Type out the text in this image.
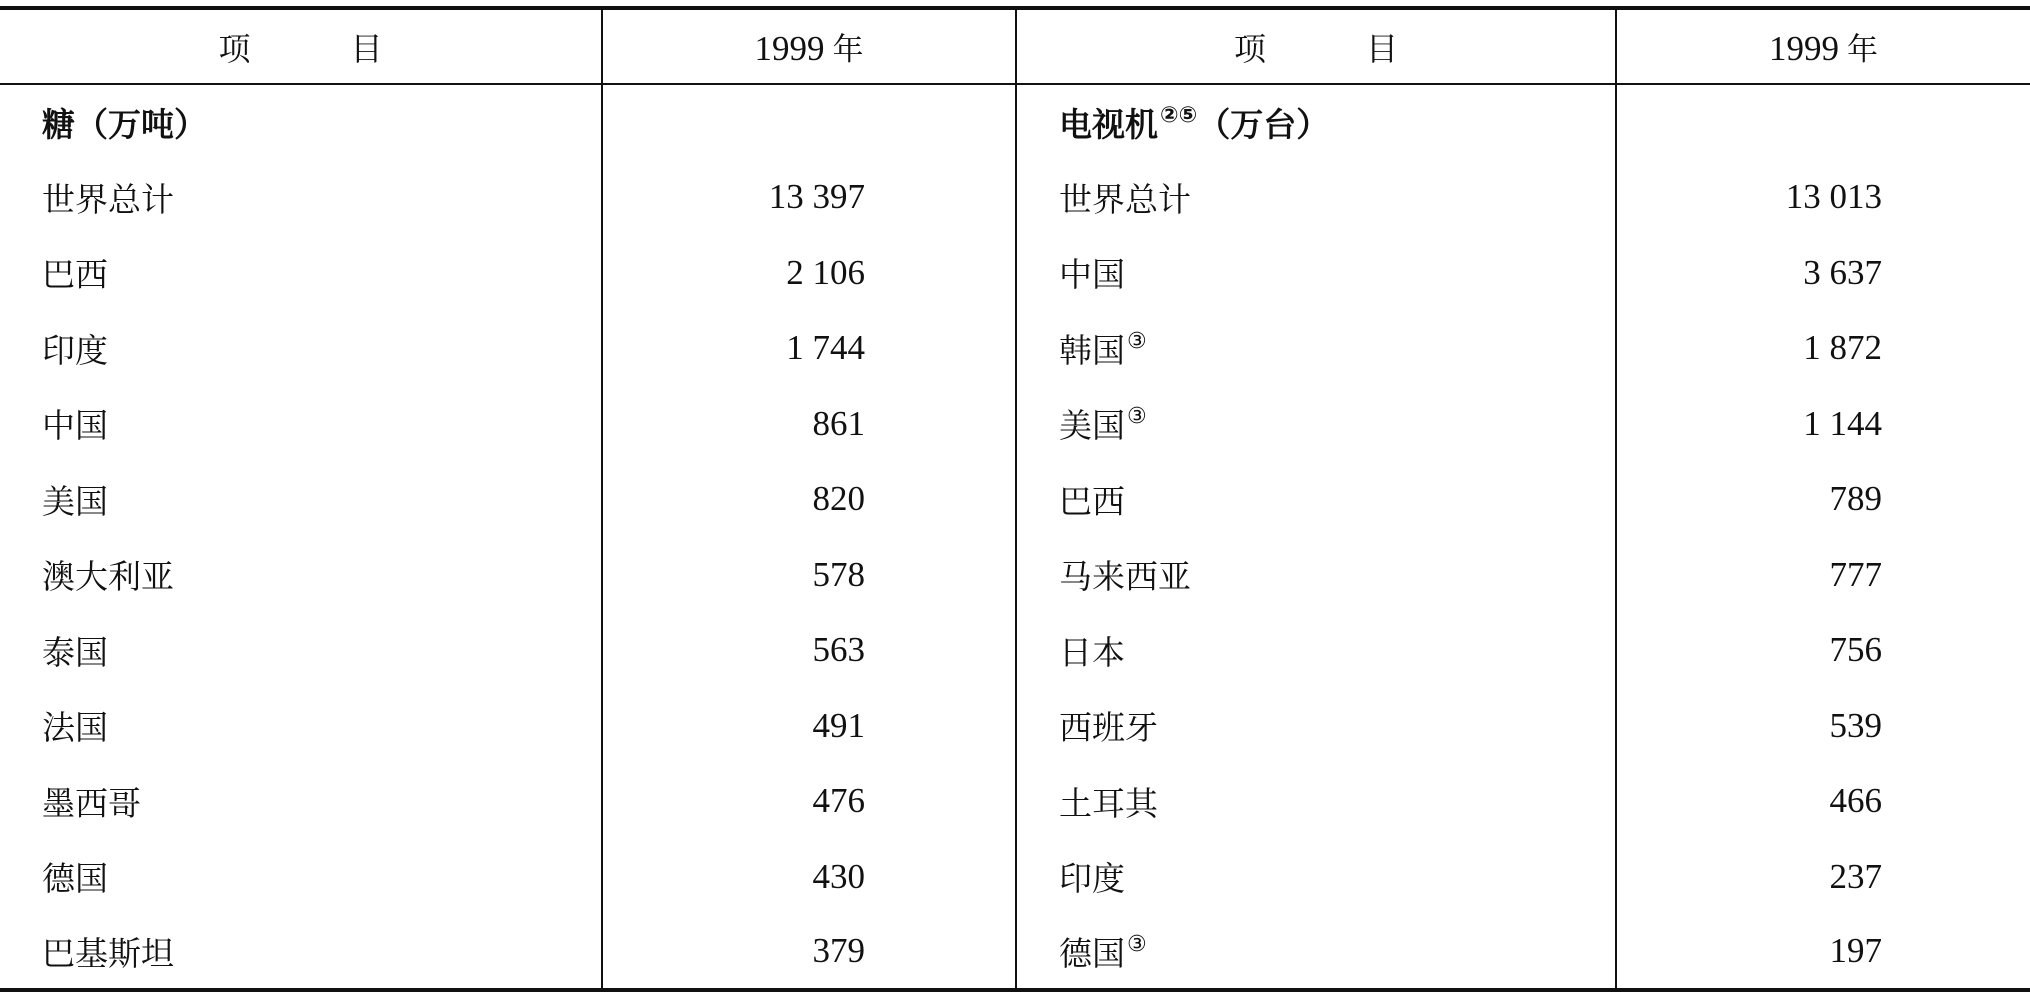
项目	1999 年	项目	1999 年
糖（万吨）		电视机②⑤（万台）	
世界总计	13 397	世界总计	13 013
巴西	2 106	中国	3 637
印度	1 744	韩国③	1 872
中国	861	美国③	1 144
美国	820	巴西	789
澳大利亚	578	马来西亚	777
泰国	563	日本	756
法国	491	西班牙	539
墨西哥	476	土耳其	466
德国	430	印度	237
巴基斯坦	379	德国③	197
